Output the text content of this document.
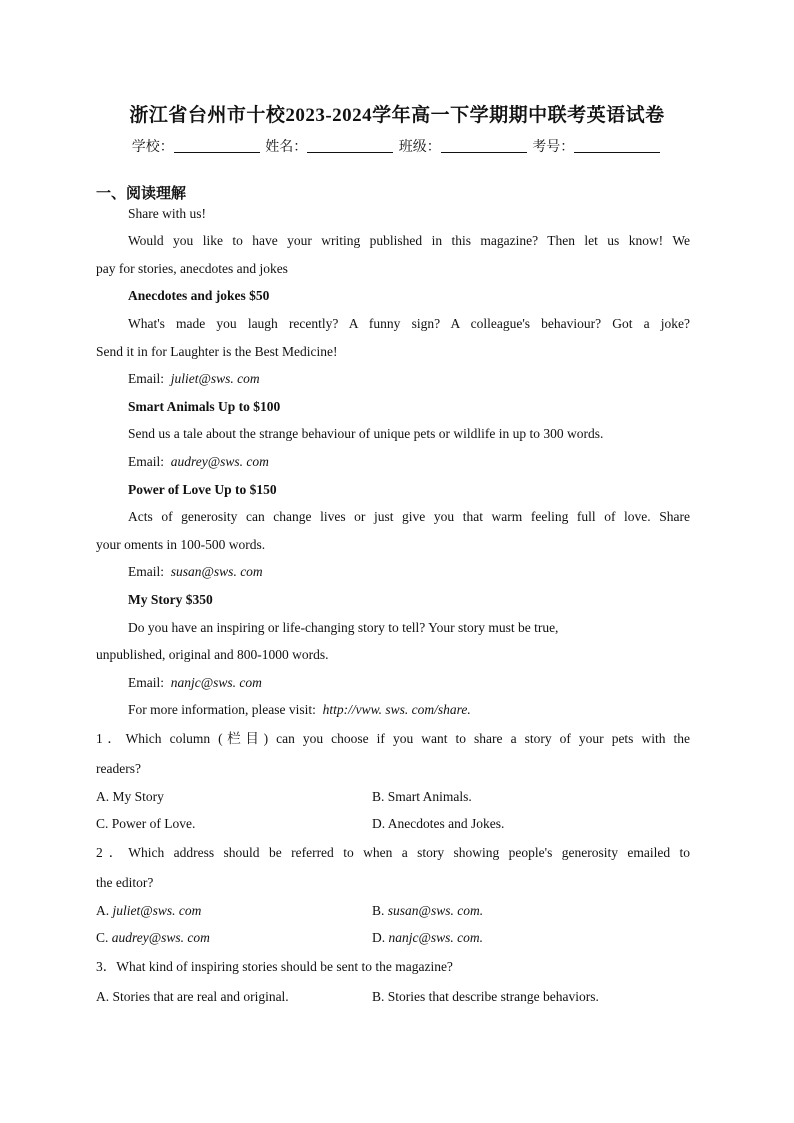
浙江省台州市十校2023-2024学年高一下学期期中联考英语试卷
学校：	姓名：	班级：	考号：
一、阅读理解
Share with us!
Would you like to have your writing published in this magazine? Then let us know! We
pay for stories, anecdotes and jokes
Anecdotes and jokes $50
What's made you laugh recently? A funny sign? A colleague's behaviour? Got a joke?
Send it in for Laughter is the Best Medicine!
Email: juliet@sws. com
Smart Animals Up to $100
Send us a tale about the strange behaviour of unique pets or wildlife in up to 300 words.
Email: audrey@sws. com
Power of Love Up to $150
Acts of generosity can change lives or just give you that warm feeling full of love. Share
your oments in 100-500 words.
Email: susan@sws. com
My Story $350
Do you have an inspiring or life-changing story to tell? Your story must be true,
unpublished, original and 800-1000 words.
Email: nanjc@sws. com
For more information, please visit: http://vww. sws. com/share.
1．Which column (栏目) can you choose if you want to share a story of your pets with the
readers?
A. My Story	B. Smart Animals.
C. Power of Love.	D. Anecdotes and Jokes.
2．Which address should be referred to when a story showing people's generosity emailed to
the editor?
A. juliet@sws. com	B. susan@sws. com.
C. audrey@sws. com	D. nanjc@sws. com.
3．What kind of inspiring stories should be sent to the magazine?
A. Stories that are real and original.	B. Stories that describe strange behaviors.
